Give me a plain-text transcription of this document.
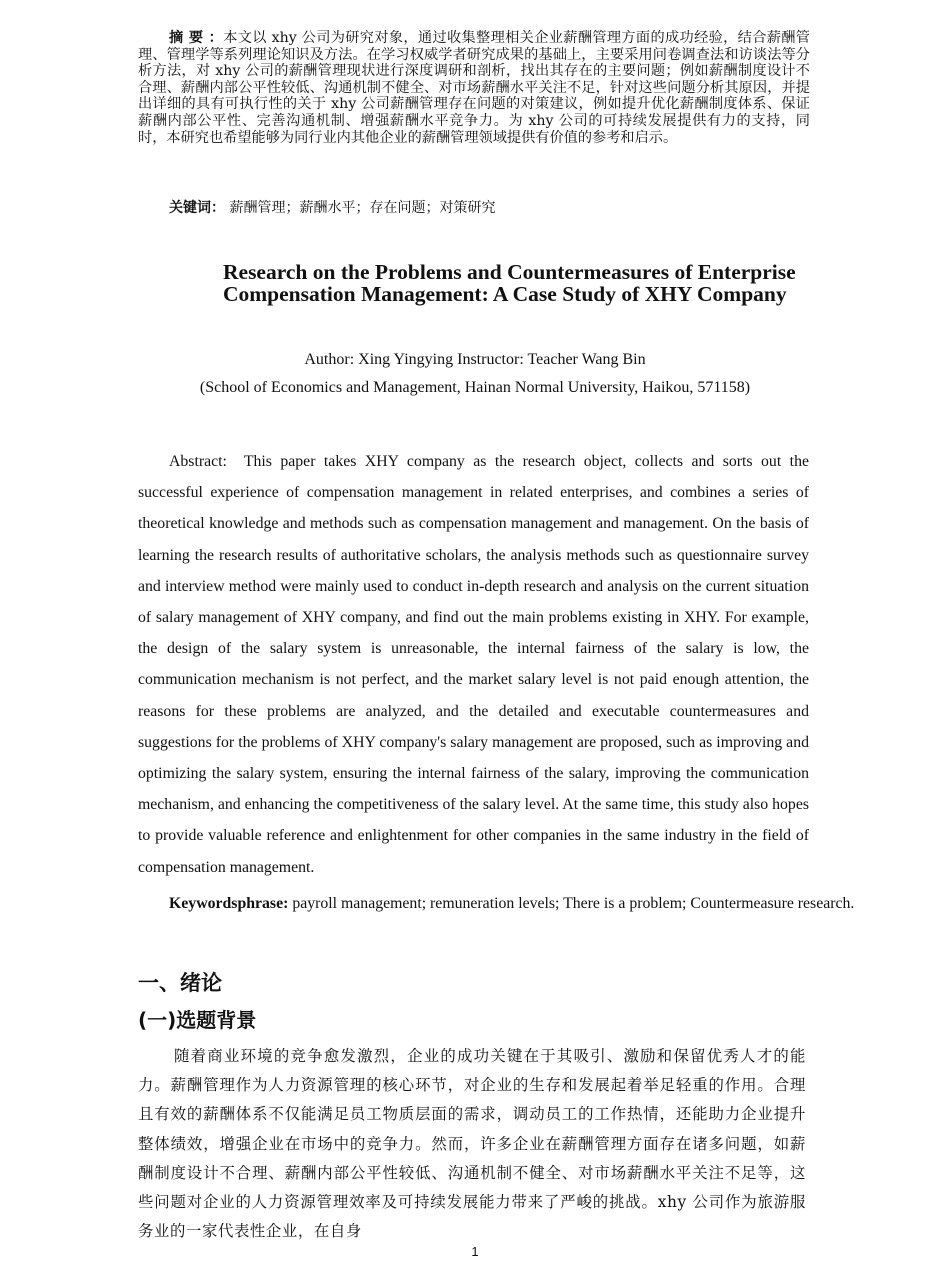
摘 要 ：本文以 xhy 公司为研究对象，通过收集整理相关企业薪酬管理方面的成功经验，结合薪酬管理、管理学等系列理论知识及方法。在学习权威学者研究成果的基础上，主要采用问卷调查法和访谈法等分析方法，对 xhy 公司的薪酬管理现状进行深度调研和剖析，找出其存在的主要问题；例如薪酬制度设计不合理、薪酬内部公平性较低、沟通机制不健全、对市场薪酬水平关注不足，针对这些问题分析其原因，并提出详细的具有可执行性的关于 xhy 公司薪酬管理存在问题的对策建议，例如提升优化薪酬制度体系、保证薪酬内部公平性、完善沟通机制、增强薪酬水平竞争力。为 xhy 公司的可持续发展提供有力的支持，同时，本研究也希望能够为同行业内其他企业的薪酬管理领域提供有价值的参考和启示。
关键词： 薪酬管理；薪酬水平；存在问题；对策研究
Research on the Problems and Countermeasures of Enterprise
Compensation Management: A Case Study of XHY Company
Author: Xing Yingying Instructor: Teacher Wang Bin
(School of Economics and Management, Hainan Normal University, Haikou, 571158)
Abstract: This paper takes XHY company as the research object, collects and sorts out the successful experience of compensation management in related enterprises, and combines a series of theoretical knowledge and methods such as compensation management and management. On the basis of learning the research results of authoritative scholars, the analysis methods such as questionnaire survey and interview method were mainly used to conduct in-depth research and analysis on the current situation of salary management of XHY company, and find out the main problems existing in XHY. For example, the design of the salary system is unreasonable, the internal fairness of the salary is low, the communication mechanism is not perfect, and the market salary level is not paid enough attention, the reasons for these problems are analyzed, and the detailed and executable countermeasures and suggestions for the problems of XHY company's salary management are proposed, such as improving and optimizing the salary system, ensuring the internal fairness of the salary, improving the communication mechanism, and enhancing the competitiveness of the salary level. At the same time, this study also hopes to provide valuable reference and enlightenment for other companies in the same industry in the field of compensation management.
Keywordsphrase: payroll management; remuneration levels; There is a problem; Countermeasure research.
一、绪论
(一)选题背景
随着商业环境的竞争愈发激烈，企业的成功关键在于其吸引、激励和保留优秀人才的能力。薪酬管理作为人力资源管理的核心环节，对企业的生存和发展起着举足轻重的作用。合理且有效的薪酬体系不仅能满足员工物质层面的需求，调动员工的工作热情，还能助力企业提升整体绩效，增强企业在市场中的竞争力。然而，许多企业在薪酬管理方面存在诸多问题，如薪酬制度设计不合理、薪酬内部公平性较低、沟通机制不健全、对市场薪酬水平关注不足等，这些问题对企业的人力资源管理效率及可持续发展能力带来了严峻的挑战。xhy 公司作为旅游服务业的一家代表性企业，在自身
1
